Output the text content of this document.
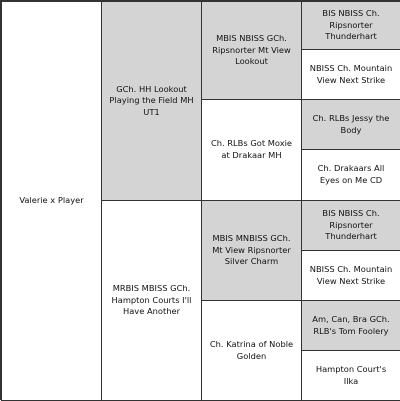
Valerie x Player
GCh. HH Lookout Playing the Field MH UT1
MRBIS MBISS GCh. Hampton Courts I'll Have Another
MBIS NBISS GCh. Ripsnorter Mt View Lookout
Ch. RLBs Got Moxie at Drakaar MH
MBIS MNBISS GCh. Mt View Ripsnorter Silver Charm
Ch. Katrina of Noble Golden
BIS NBISS Ch. Ripsnorter Thunderhart
NBISS Ch. Mountain View Next Strike
Ch. RLBs Jessy the Body
Ch. Drakaars All Eyes on Me CD
BIS NBISS Ch. Ripsnorter Thunderhart
NBISS Ch. Mountain View Next Strike
Am, Can, Bra GCh. RLB's Tom Foolery
Hampton Court's Ilka
